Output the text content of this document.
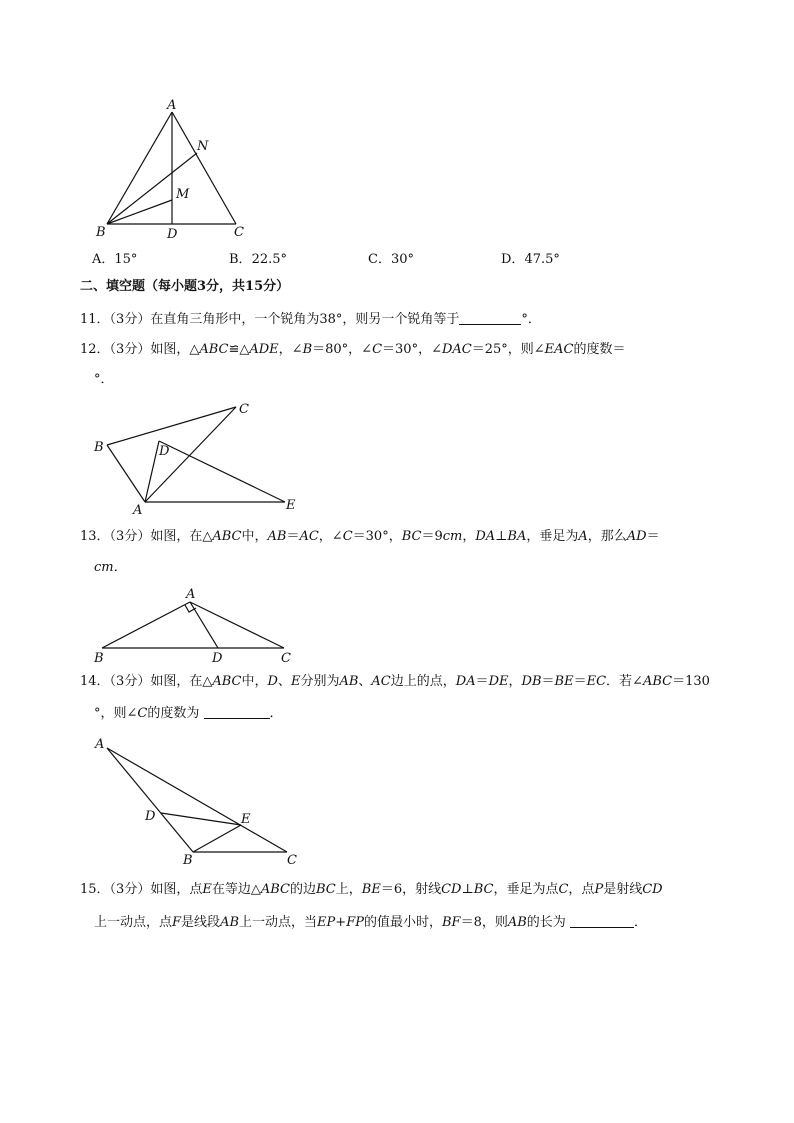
A
N
M
B	D	C
A．15°	B．22.5°	C．30°	D．47.5°
二、填空题（每小题3分，共15分）
11．（3分）在直角三角形中，一个锐角为38°，则另一个锐角等于	°．
12．（3分）如图，△ABC≌△ADE，∠B＝80°，∠C＝30°，∠DAC＝25°，则∠EAC的度数＝
°．
C
B	D
A	E
13．（3分）如图，在△ABC中，AB＝AC，∠C＝30°，BC＝9cm，DA⊥BA，垂足为A，那么AD＝
cm．
A
B	D	C
14．（3分）如图，在△ABC中，D、E分别为AB、AC边上的点，DA＝DE，DB＝BE＝EC．若∠ABC＝130
°，则∠C的度数为	．
A
D	E
B	C
15．（3分）如图，点E在等边△ABC的边BC上，BE＝6，射线CD⊥BC，垂足为点C，点P是射线CD
上一动点，点F是线段AB上一动点，当EP+FP的值最小时，BF＝8，则AB的长为	．
